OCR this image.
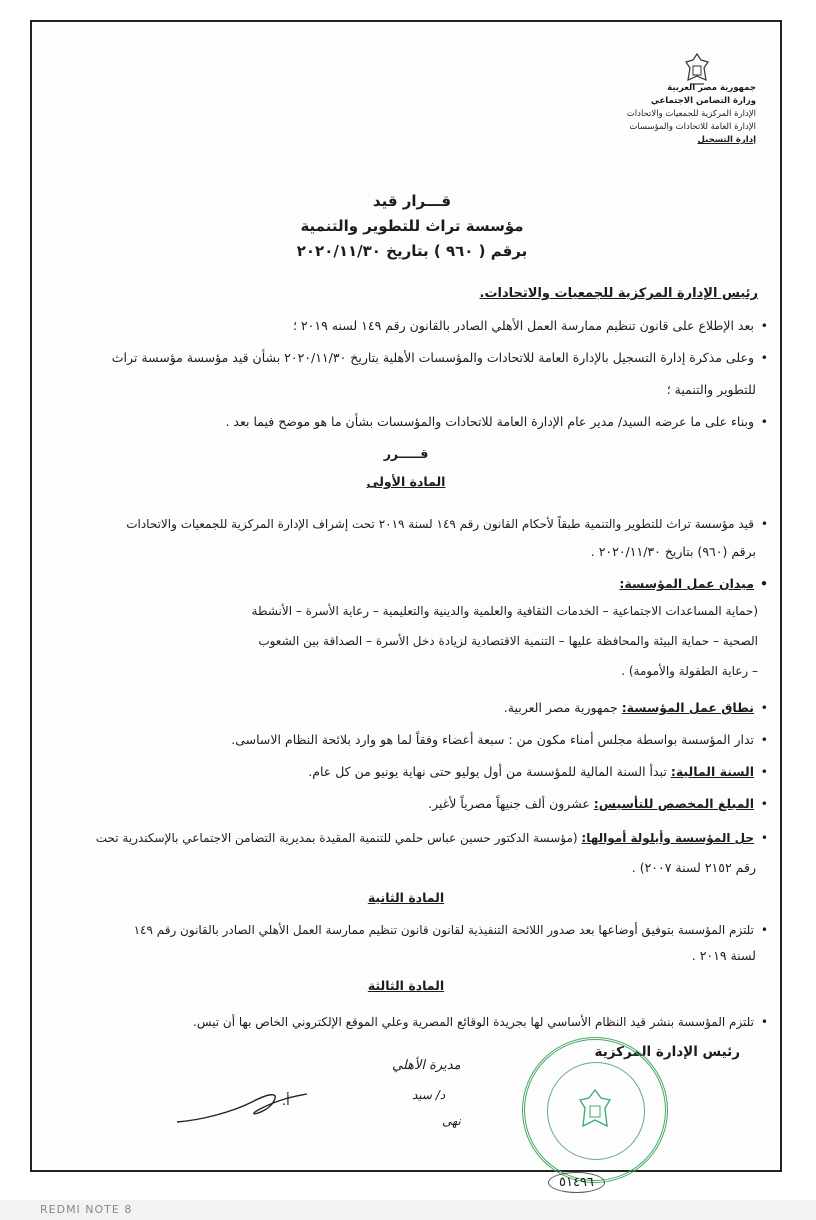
جمهورية مصر العربية
وزارة التضامن الاجتماعي
الإدارة المركزية للجمعيات والاتحادات
الإدارة العامة للاتحادات والمؤسسات
إدارة التسجيل
قـــرار قيد
مؤسسة تراث للتطوير والتنمية
برقم ( ٩٦٠ ) بتاريخ ٢٠٢٠/١١/٣٠
رئيس الإدارة المركزية للجمعيات والاتحادات.
• بعد الإطلاع على قانون تنظيم ممارسة العمل الأهلي الصادر بالقانون رقم ١٤٩ لسنه ٢٠١٩ ؛
• وعلى مذكرة إدارة التسجيل بالإدارة العامة للاتحادات والمؤسسات الأهلية بتاريخ ٢٠٢٠/١١/٣٠ بشأن قيد مؤسسة مؤسسة تراث
للتطوير والتنمية ؛
• وبناء على ما عرضه السيد/ مدير عام الإدارة العامة للاتحادات والمؤسسات بشأن ما هو موضح فيما بعد .
قـــــرر
المادة الأولى
• قيد مؤسسة تراث للتطوير والتنمية طبقاً لأحكام القانون رقم ١٤٩ لسنة ٢٠١٩ تحت إشراف الإدارة المركزية للجمعيات والاتحادات
برقم (٩٦٠) بتاريخ ٢٠٢٠/١١/٣٠ .
• ميدان عمل المؤسسة:
(حماية المساعدات الاجتماعية – الخدمات الثقافية والعلمية والدينية والتعليمية – رعاية الأسرة – الأنشطة
الصحية – حماية البيئة والمحافظة عليها – التنمية الاقتصادية لزيادة دخل الأسرة – الصداقة بين الشعوب
– رعاية الطفولة والأمومة) .
• نطاق عمل المؤسسة: جمهورية مصر العربية.
• تدار المؤسسة بواسطة مجلس أمناء مكون من : سبعة أعضاء وفقاً لما هو وارد بلائحة النظام الاساسى.
• السنة المالية: تبدأ السنة المالية للمؤسسة من أول يوليو حتى نهاية يونيو من كل عام.
• المبلغ المخصص للتأسيس: عشرون ألف جنيهاً مصرياً لأغير.
• حل المؤسسة وأيلولة أموالها: (مؤسسة الدكتور حسين عباس حلمي للتنمية المقيدة بمديرية التضامن الاجتماعي بالإسكندرية تحت
رقم ٢١٥٢ لسنة ٢٠٠٧) .
المادة الثانية
• تلتزم المؤسسة بتوفيق أوضاعها بعد صدور اللائحة التنفيذية لقانون قانون تنظيم ممارسة العمل الأهلي الصادر بالقانون رقم ١٤٩
لسنة ٢٠١٩ .
المادة الثالثة
• تلتزم المؤسسة بنشر قيد النظام الأساسي لها بجريدة الوقائع المصرية وعلي الموقع الإلكتروني الخاص بها أن تيس.
رئيس الإدارة المركزية
أ.
مديرة الأهلي
د/ سيد
نهى
٥١٤٩٦
REDMI NOTE 8
